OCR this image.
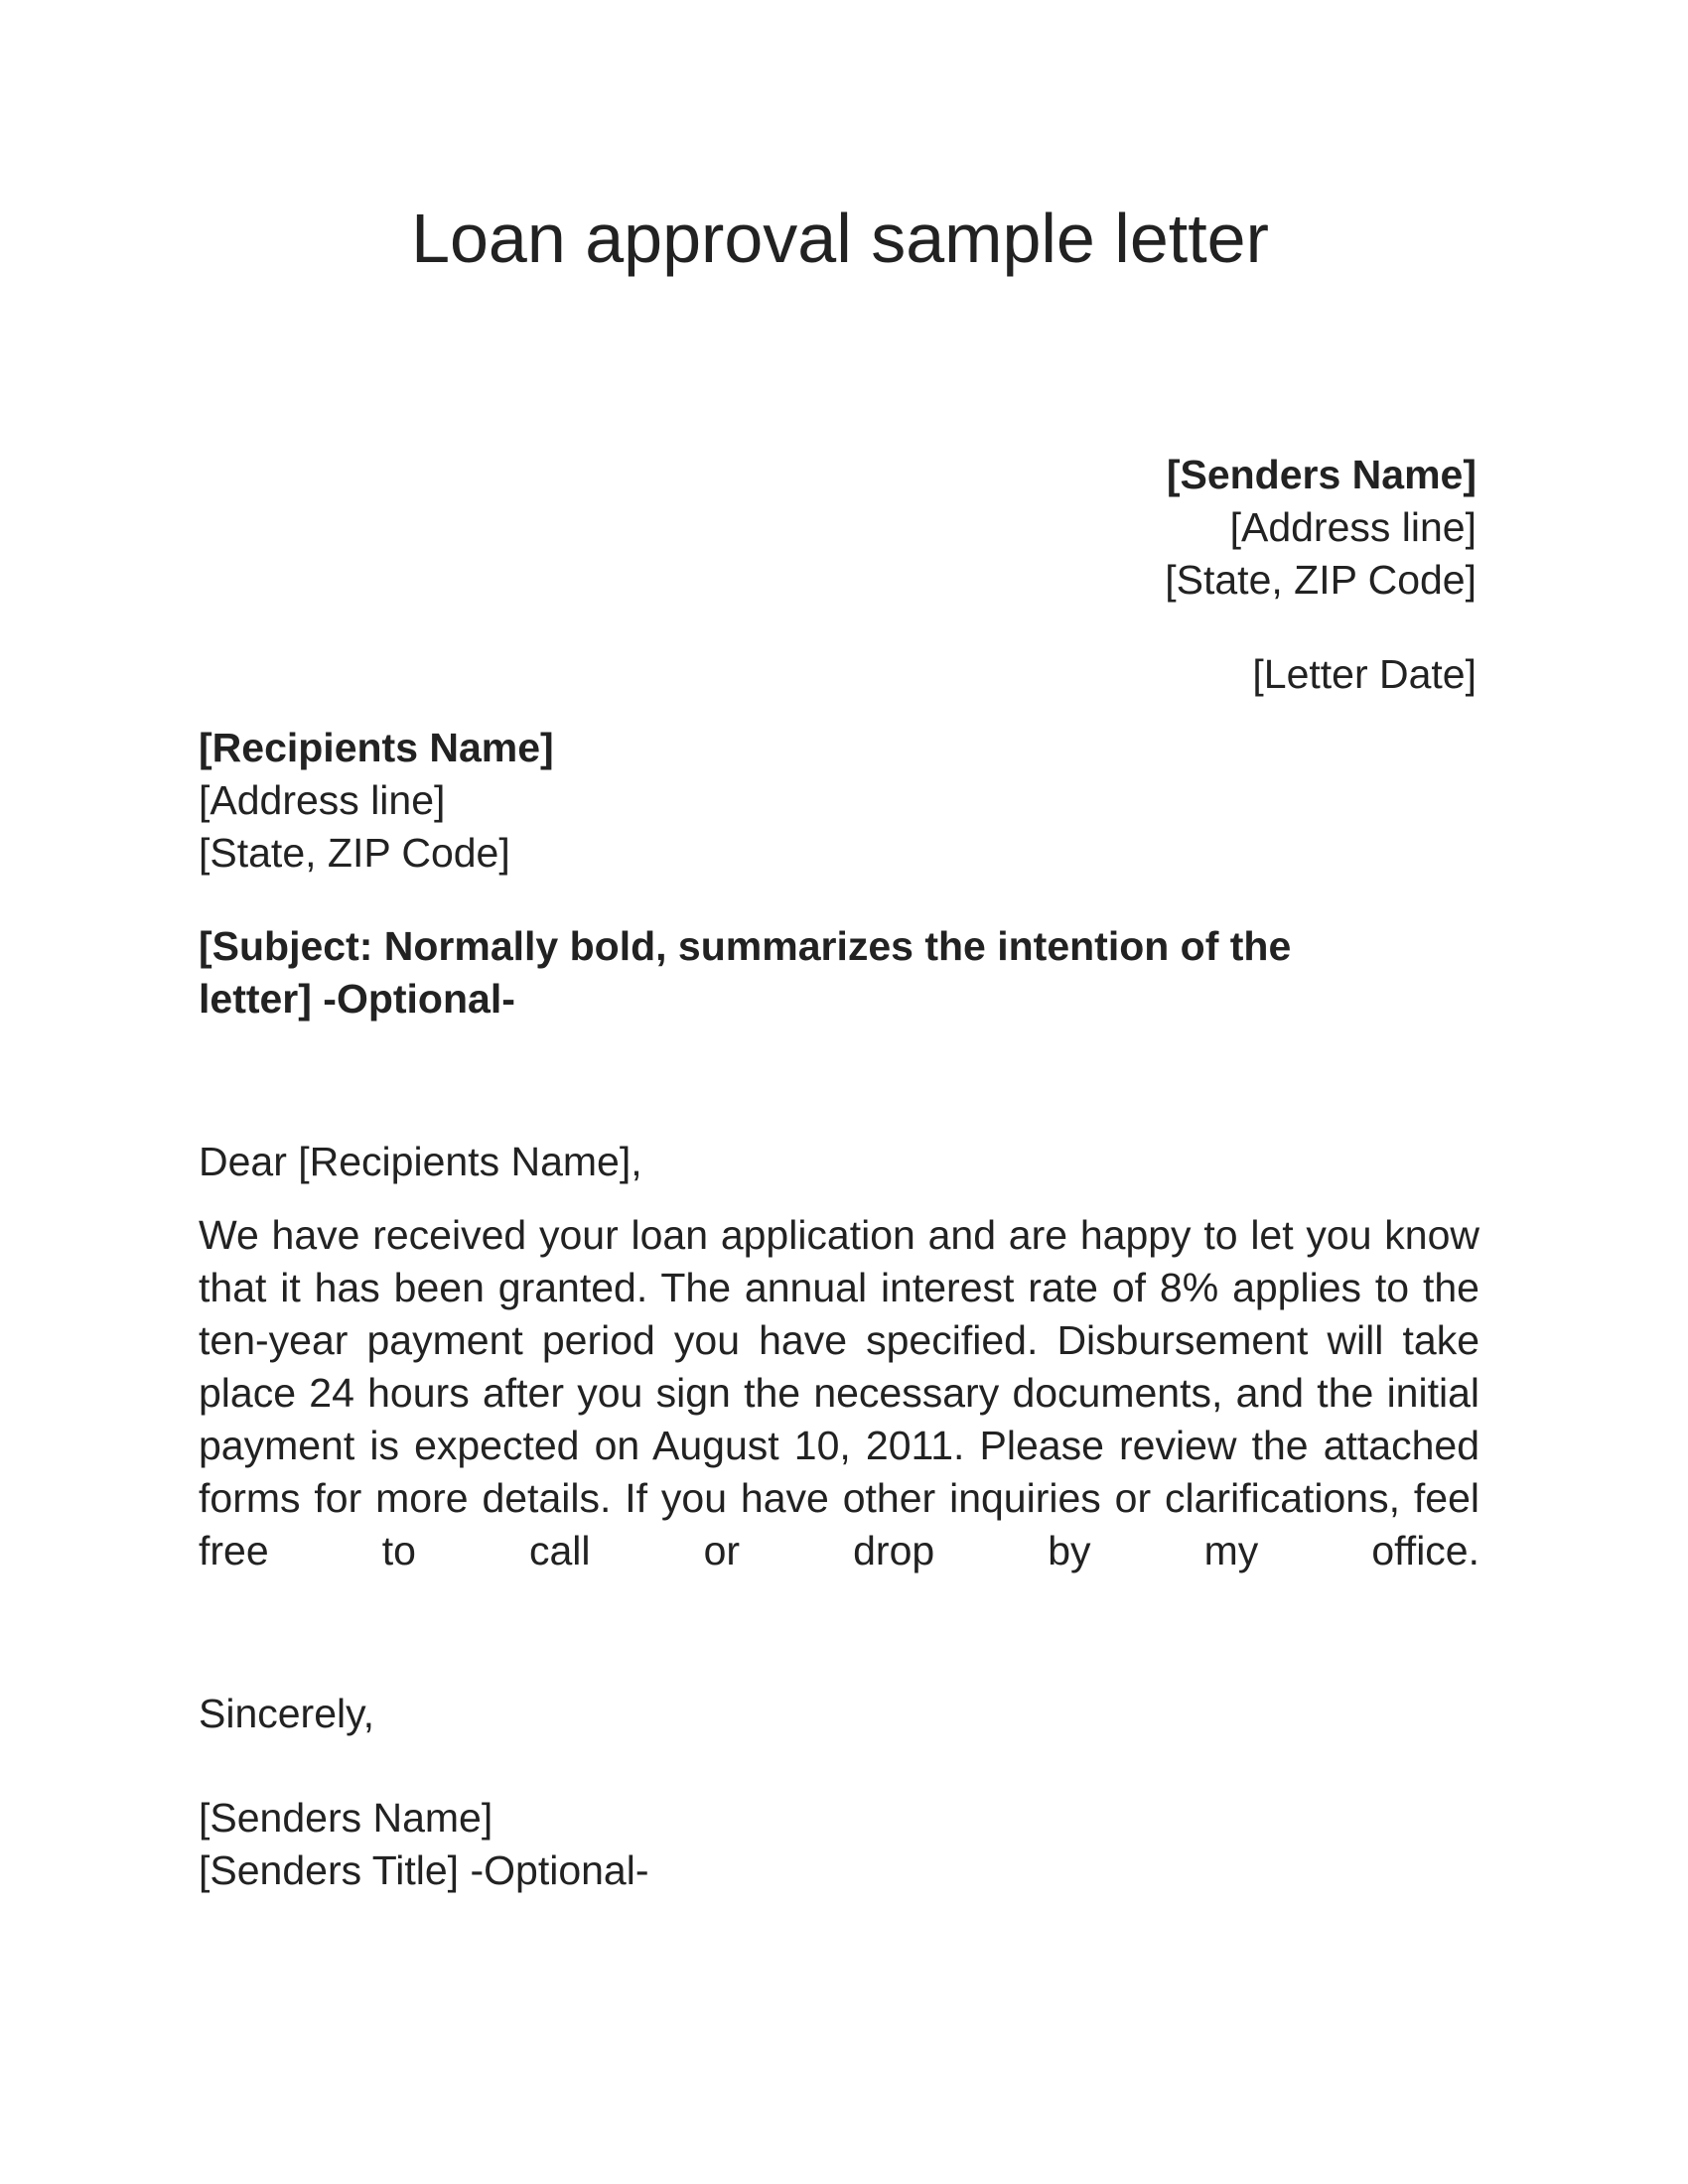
Loan approval sample letter
[Senders Name]
[Address line]
[State, ZIP Code]
[Letter Date]
[Recipients Name]
[Address line]
[State, ZIP Code]
[Subject: Normally bold, summarizes the intention of the letter] -Optional-
Dear [Recipients Name],

We have received your loan application and are happy to let you know that it has been granted. The annual interest rate of 8% applies to the ten-year payment period you have specified. Disbursement will take place 24 hours after you sign the necessary documents, and the initial payment is expected on August 10, 2011. Please review the attached forms for more details. If you have other inquiries or clarifications, feel free to call or drop by my office.

Sincerely,
[Senders Name]
[Senders Title] -Optional-
